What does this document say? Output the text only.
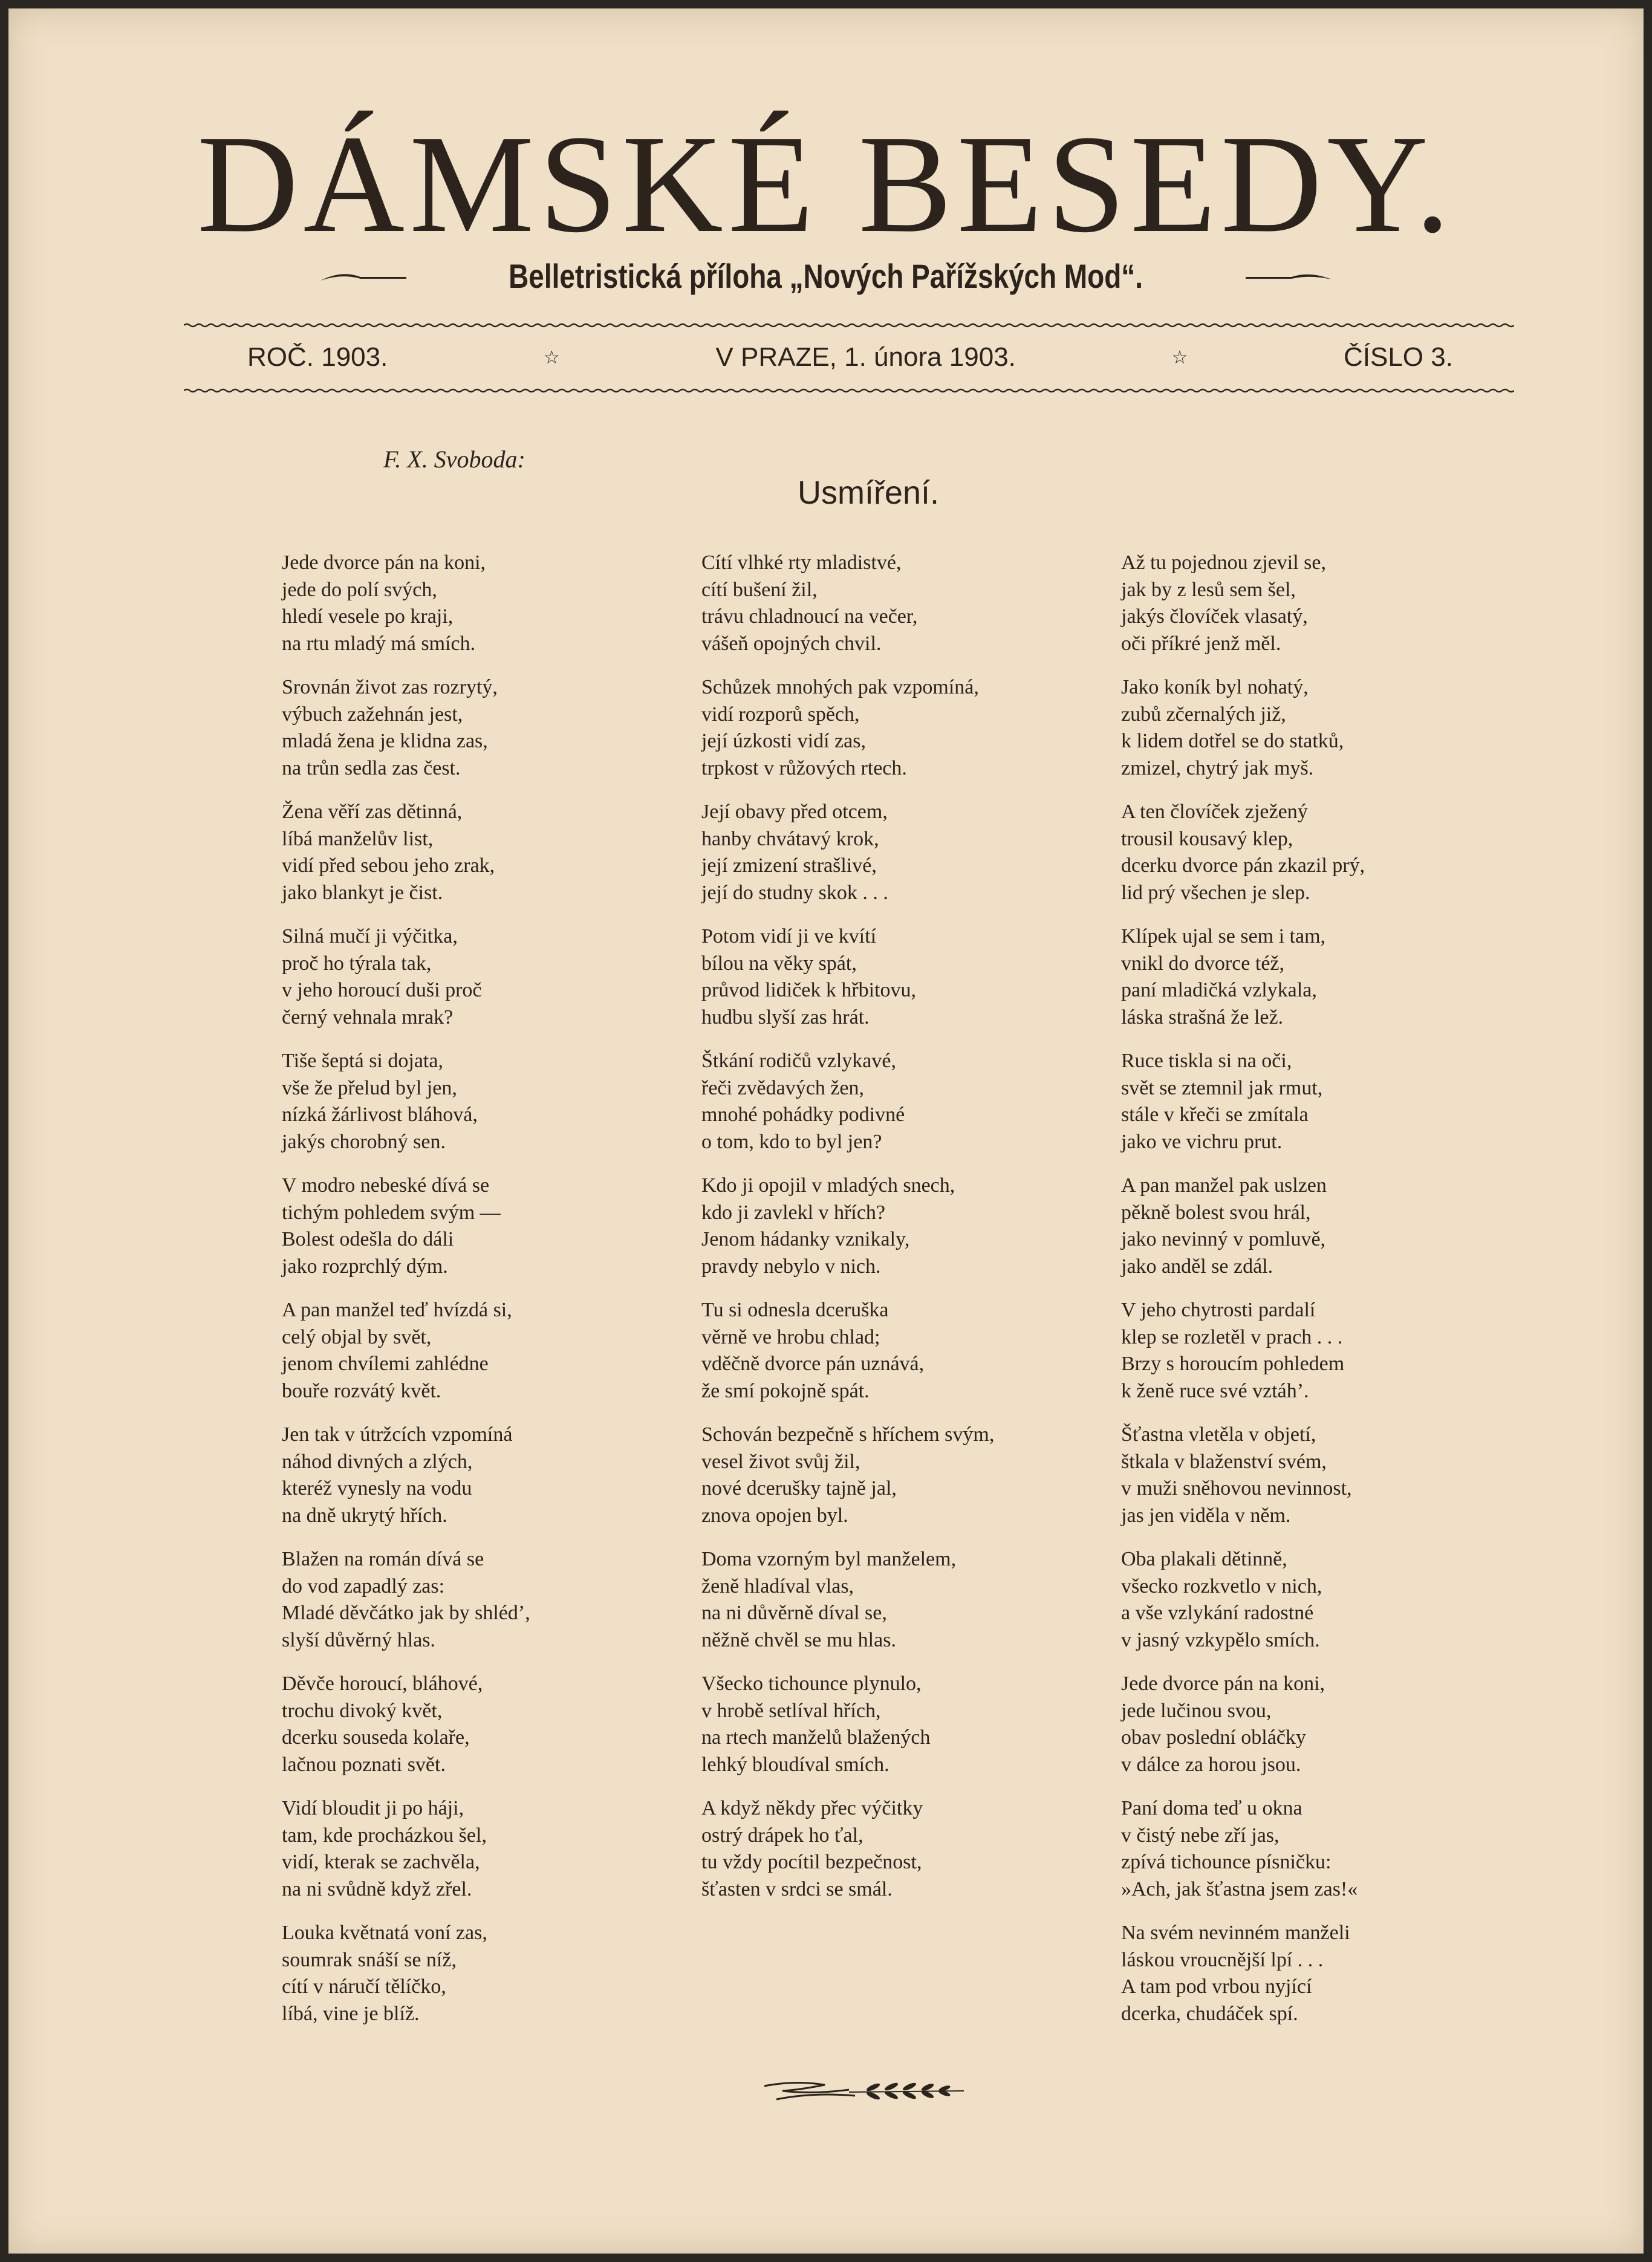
DÁMSKÉ BESEDY.
Belletristická příloha „Nových Pařížských Mod“.
ROČ. 1903.	☆	V PRAZE, 1. února 1903.	☆	ČÍSLO 3.
F. X. Svoboda:
Usmíření.
Jede dvorce pán na koni,
jede do polí svých,
hledí vesele po kraji,
na rtu mladý má smích.
Srovnán život zas rozrytý,
výbuch zažehnán jest,
mladá žena je klidna zas,
na trůn sedla zas čest.
Žena věří zas dětinná,
líbá manželův list,
vidí před sebou jeho zrak,
jako blankyt je čist.
Silná mučí ji výčitka,
proč ho týrala tak,
v jeho horoucí duši proč
černý vehnala mrak?
Tiše šeptá si dojata,
vše že přelud byl jen,
nízká žárlivost bláhová,
jakýs chorobný sen.
V modro nebeské dívá se
tichým pohledem svým —
Bolest odešla do dáli
jako rozprchlý dým.
A pan manžel teď hvízdá si,
celý objal by svět,
jenom chvílemi zahlédne
bouře rozvátý květ.
Jen tak v útržcích vzpomíná
náhod divných a zlých,
kteréž vynesly na vodu
na dně ukrytý hřích.
Blažen na román dívá se
do vod zapadlý zas:
Mladé děvčátko jak by shléd’,
slyší důvěrný hlas.
Děvče horoucí, bláhové,
trochu divoký květ,
dcerku souseda kolaře,
lačnou poznati svět.
Vidí bloudit ji po háji,
tam, kde procházkou šel,
vidí, kterak se zachvěla,
na ni svůdně když zřel.
Louka květnatá voní zas,
soumrak snáší se níž,
cítí v náručí tělíčko,
líbá, vine je blíž.
Cítí vlhké rty mladistvé,
cítí bušení žil,
trávu chladnoucí na večer,
vášeň opojných chvil.
Schůzek mnohých pak vzpomíná,
vidí rozporů spěch,
její úzkosti vidí zas,
trpkost v růžových rtech.
Její obavy před otcem,
hanby chvátavý krok,
její zmizení strašlivé,
její do studny skok . . .
Potom vidí ji ve kvítí
bílou na věky spát,
průvod lidiček k hřbitovu,
hudbu slyší zas hrát.
Štkání rodičů vzlykavé,
řeči zvědavých žen,
mnohé pohádky podivné
o tom, kdo to byl jen?
Kdo ji opojil v mladých snech,
kdo ji zavlekl v hřích?
Jenom hádanky vznikaly,
pravdy nebylo v nich.
Tu si odnesla dceruška
věrně ve hrobu chlad;
vděčně dvorce pán uznává,
že smí pokojně spát.
Schován bezpečně s hříchem svým,
vesel život svůj žil,
nové dcerušky tajně jal,
znova opojen byl.
Doma vzorným byl manželem,
ženě hladíval vlas,
na ni důvěrně díval se,
něžně chvěl se mu hlas.
Všecko tichounce plynulo,
v hrobě setlíval hřích,
na rtech manželů blažených
lehký bloudíval smích.
A když někdy přec výčitky
ostrý drápek ho ťal,
tu vždy pocítil bezpečnost,
šťasten v srdci se smál.
Až tu pojednou zjevil se,
jak by z lesů sem šel,
jakýs človíček vlasatý,
oči příkré jenž měl.
Jako koník byl nohatý,
zubů zčernalých již,
k lidem dotřel se do statků,
zmizel, chytrý jak myš.
A ten človíček zježený
trousil kousavý klep,
dcerku dvorce pán zkazil prý,
lid prý všechen je slep.
Klípek ujal se sem i tam,
vnikl do dvorce též,
paní mladičká vzlykala,
láska strašná že lež.
Ruce tiskla si na oči,
svět se ztemnil jak rmut,
stále v křeči se zmítala
jako ve vichru prut.
A pan manžel pak uslzen
pěkně bolest svou hrál,
jako nevinný v pomluvě,
jako anděl se zdál.
V jeho chytrosti pardalí
klep se rozletěl v prach . . .
Brzy s horoucím pohledem
k ženě ruce své vztáh’.
Šťastna vletěla v objetí,
štkala v blaženství svém,
v muži sněhovou nevinnost,
jas jen viděla v něm.
Oba plakali dětinně,
všecko rozkvetlo v nich,
a vše vzlykání radostné
v jasný vzkypělo smích.
Jede dvorce pán na koni,
jede lučinou svou,
obav poslední obláčky
v dálce za horou jsou.
Paní doma teď u okna
v čistý nebe zří jas,
zpívá tichounce písničku:
»Ach, jak šťastna jsem zas!«
Na svém nevinném manželi
láskou vroucnější lpí . . .
A tam pod vrbou nyjící
dcerka, chudáček spí.
